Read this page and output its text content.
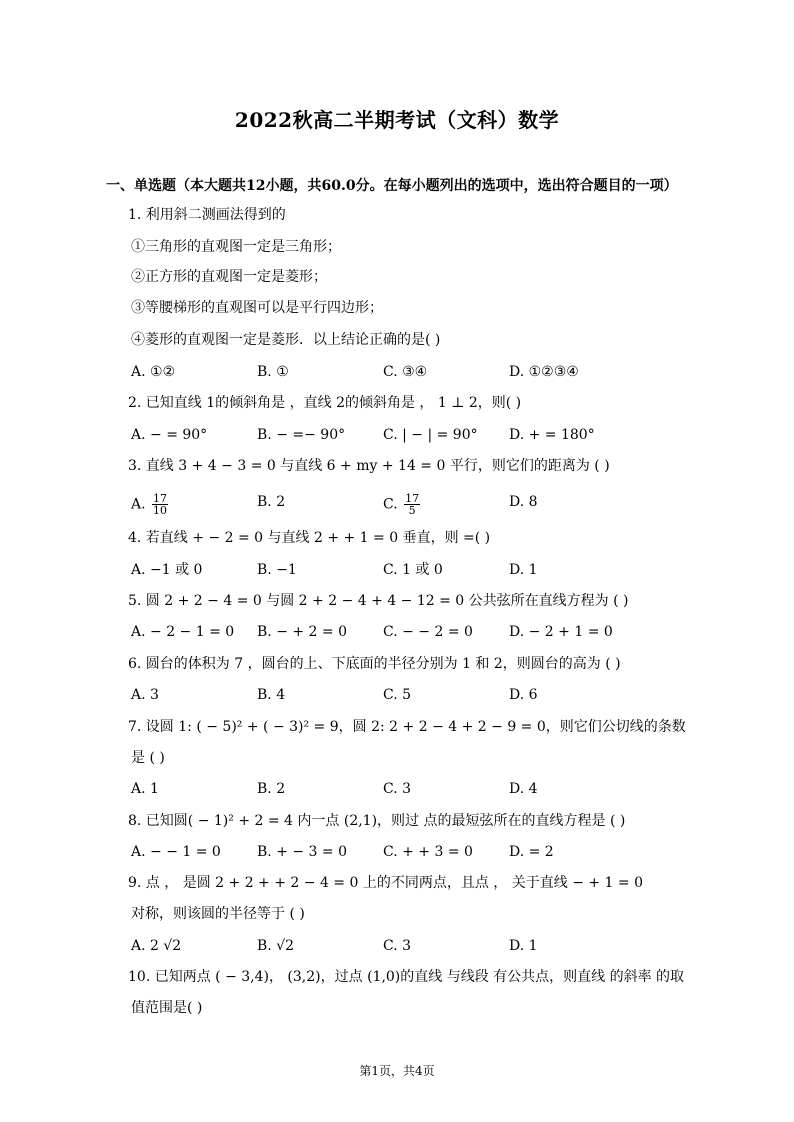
2022秋高二半期考试（文科）数学
一、单选题（本大题共12小题，共60.0分。在每小题列出的选项中，选出符合题目的一项）
1. 利用斜二测画法得到的
①三角形的直观图一定是三角形；
②正方形的直观图一定是菱形；
③等腰梯形的直观图可以是平行四边形；
④菱形的直观图一定是菱形．以上结论正确的是( )
A. ①②	B. ①	C. ③④	D. ①②③④
2. 已知直线 1的倾斜角是 ，直线 2的倾斜角是 ， 1 ⊥ 2，则( )
A. − = 90°	B. − =− 90°	C. | − | = 90° D. + = 180°
3. 直线 3 + 4 − 3 = 0 与直线 6 + my + 14 = 0 平行，则它们的距离为 ( )
A. $\frac{17}{10}$	B. 2	C. $\frac{17}{5}$	D. 8
4. 若直线 + − 2 = 0 与直线 2 + + 1 = 0 垂直，则 =( )
A. −1 或 0	B. −1	C. 1 或 0	D. 1
5. 圆 2 + 2 − 4 = 0 与圆 2 + 2 − 4 + 4 − 12 = 0 公共弦所在直线方程为 ( )
A. − 2 − 1 = 0 B. − + 2 = 0	C. − − 2 = 0	D. − 2 + 1 = 0
6. 圆台的体积为 7 ，圆台的上、下底面的半径分别为 1 和 2，则圆台的高为 ( )
A. 3	B. 4	C. 5	D. 6
7. 设圆 1: ( − 5)² + ( − 3)² = 9，圆 2: 2 + 2 − 4 + 2 − 9 = 0，则它们公切线的条数
是 ( )
A. 1	B. 2	C. 3	D. 4
8. 已知圆( − 1)² + 2 = 4 内一点 (2,1)，则过 点的最短弦所在的直线方程是 ( )
A. − − 1 = 0	B. + − 3 = 0	C. + + 3 = 0	D. = 2
9. 点 ， 是圆 2 + 2 + + 2 − 4 = 0 上的不同两点，且点 ， 关于直线 − + 1 = 0
对称，则该圆的半径等于 ( )
A. 2 √2	B. √2	C. 3	D. 1
10. 已知两点 ( − 3,4)， (3,2)，过点 (1,0)的直线 与线段 有公共点，则直线 的斜率 的取
值范围是( )
第1页，共4页
